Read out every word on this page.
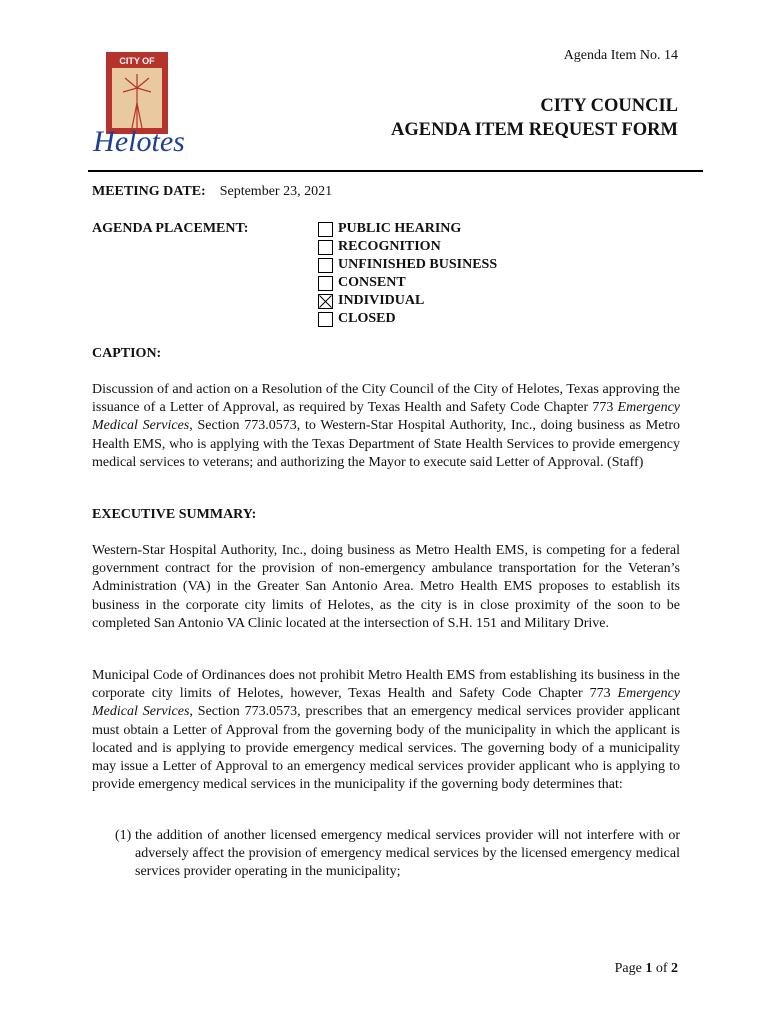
CITY OF
Helotes
Agenda Item No. 14
CITY COUNCIL
AGENDA ITEM REQUEST FORM
MEETING DATE: September 23, 2021
AGENDA PLACEMENT:	PUBLIC HEARING
RECOGNITION
UNFINISHED BUSINESS
CONSENT
INDIVIDUAL
CLOSED
CAPTION:
Discussion of and action on a Resolution of the City Council of the City of Helotes, Texas approving the issuance of a Letter of Approval, as required by Texas Health and Safety Code Chapter 773 Emergency Medical Services, Section 773.0573, to Western-Star Hospital Authority, Inc., doing business as Metro Health EMS, who is applying with the Texas Department of State Health Services to provide emergency medical services to veterans; and authorizing the Mayor to execute said Letter of Approval. (Staff)
EXECUTIVE SUMMARY:
Western-Star Hospital Authority, Inc., doing business as Metro Health EMS, is competing for a federal government contract for the provision of non-emergency ambulance transportation for the Veteran’s Administration (VA) in the Greater San Antonio Area. Metro Health EMS proposes to establish its business in the corporate city limits of Helotes, as the city is in close proximity of the soon to be completed San Antonio VA Clinic located at the intersection of S.H. 151 and Military Drive.
Municipal Code of Ordinances does not prohibit Metro Health EMS from establishing its business in the corporate city limits of Helotes, however, Texas Health and Safety Code Chapter 773 Emergency Medical Services, Section 773.0573, prescribes that an emergency medical services provider applicant must obtain a Letter of Approval from the governing body of the municipality in which the applicant is located and is applying to provide emergency medical services. The governing body of a municipality may issue a Letter of Approval to an emergency medical services provider applicant who is applying to provide emergency medical services in the municipality if the governing body determines that:
(1) the addition of another licensed emergency medical services provider will not interfere with or adversely affect the provision of emergency medical services by the licensed emergency medical services provider operating in the municipality;
Page 1 of 2
